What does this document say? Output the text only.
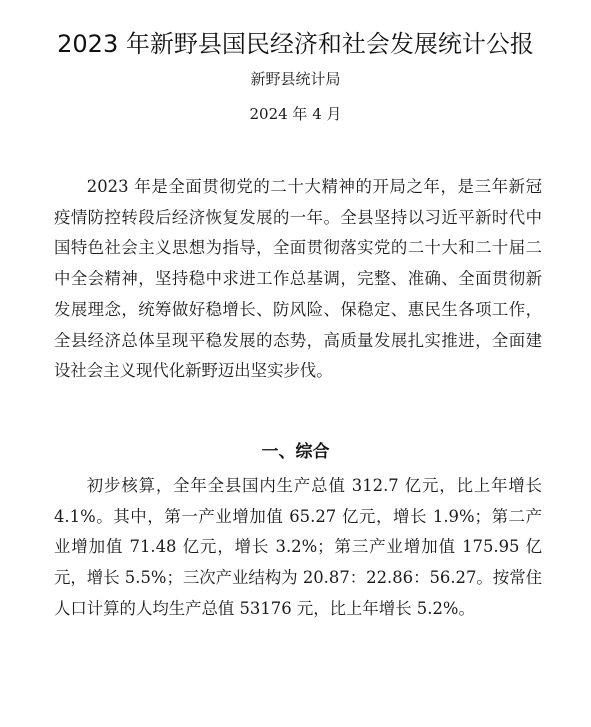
2023 年新野县国民经济和社会发展统计公报
新野县统计局
2024 年 4 月

2023 年是全面贯彻党的二十大精神的开局之年，是三年新冠疫情防控转段后经济恢复发展的一年。全县坚持以习近平新时代中国特色社会主义思想为指导，全面贯彻落实党的二十大和二十届二中全会精神，坚持稳中求进工作总基调，完整、准确、全面贯彻新发展理念，统筹做好稳增长、防风险、保稳定、惠民生各项工作，全县经济总体呈现平稳发展的态势，高质量发展扎实推进，全面建设社会主义现代化新野迈出坚实步伐。

一、综合

初步核算，全年全县国内生产总值 312.7 亿元，比上年增长 4.1%。其中，第一产业增加值 65.27 亿元，增长 1.9%；第二产业增加值 71.48 亿元，增长 3.2%；第三产业增加值 175.95 亿元，增长 5.5%；三次产业结构为 20.87：22.86：56.27。按常住人口计算的人均生产总值 53176 元，比上年增长 5.2%。
